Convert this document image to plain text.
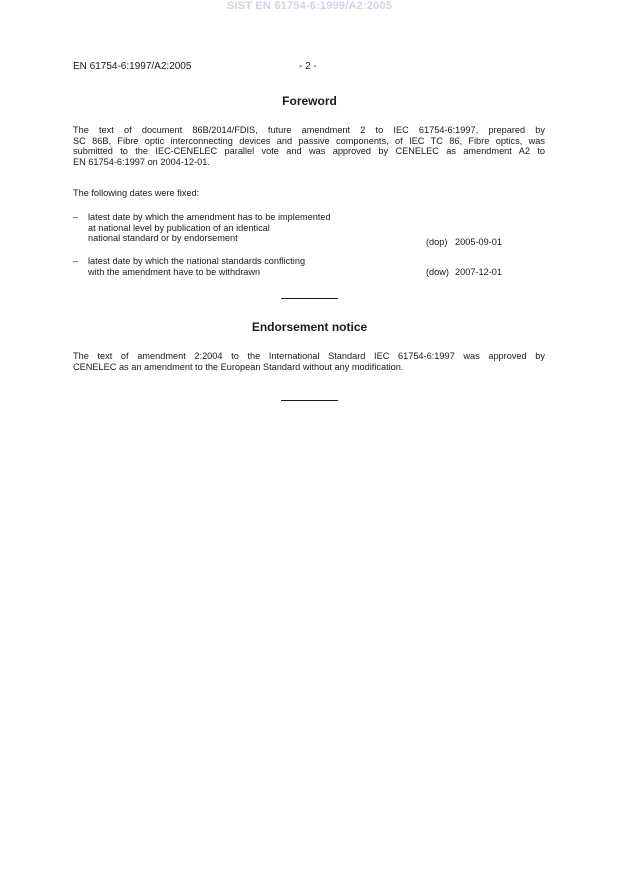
SIST EN 61754-6:1999/A2:2005
EN 61754-6:1997/A2:2005	- 2 -
Foreword
The text of document 86B/2014/FDIS, future amendment 2 to IEC 61754-6:1997, prepared by
SC 86B, Fibre optic interconnecting devices and passive components, of IEC TC 86, Fibre optics, was
submitted to the IEC-CENELEC parallel vote and was approved by CENELEC as amendment A2 to
EN 61754-6:1997 on 2004-12-01.
The following dates were fixed:
– latest date by which the amendment has to be implemented
at national level by publication of an identical
national standard or by endorsement	(dop) 2005-09-01
– latest date by which the national standards conflicting
with the amendment have to be withdrawn	(dow) 2007-12-01
Endorsement notice
The text of amendment 2:2004 to the International Standard IEC 61754-6:1997 was approved by
CENELEC as an amendment to the European Standard without any modification.
